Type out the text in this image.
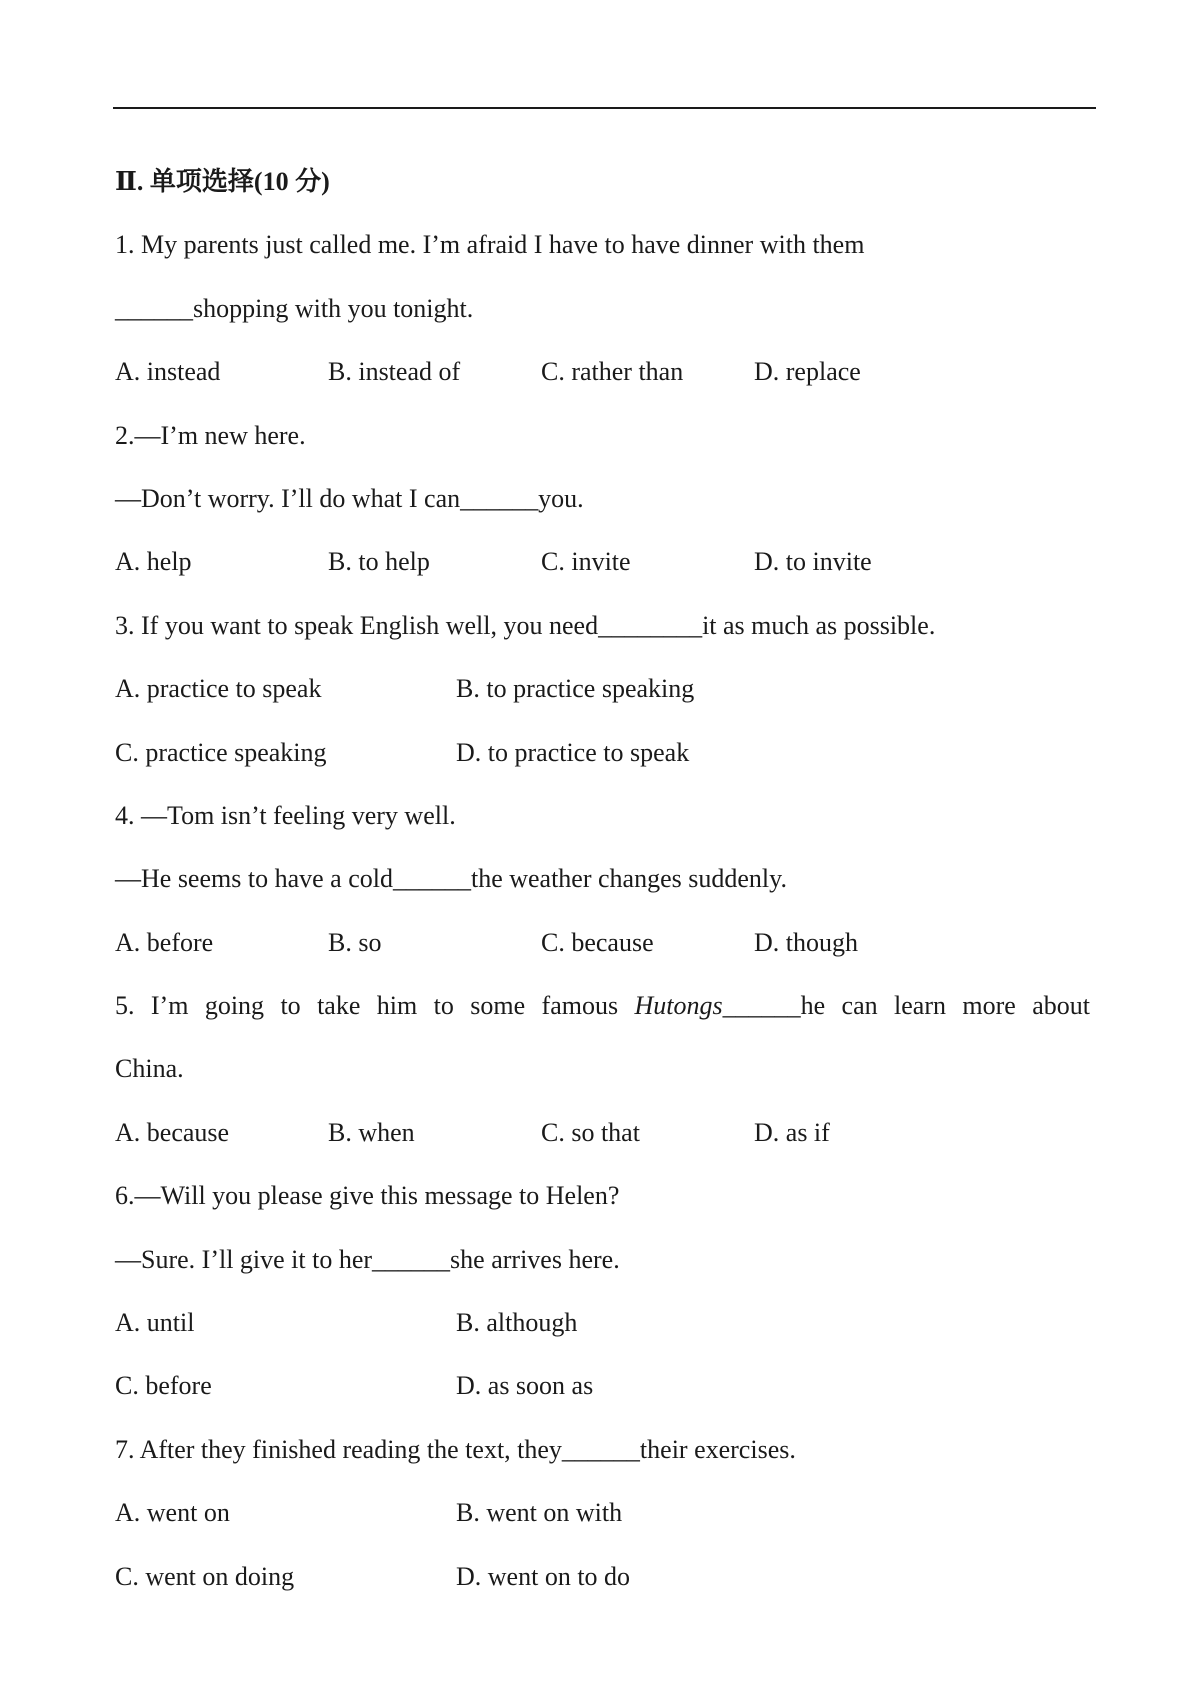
Ⅱ. 单项选择(10 分)
1. My parents just called me. I’m afraid I have to have dinner with them
______shopping with you tonight.
A. instead	B. instead of	C. rather than	D. replace
2.—I’m new here.
—Don’t worry. I’ll do what I can______you.
A. help	B. to help	C. invite	D. to invite
3. If you want to speak English well, you need________it as much as possible.
A. practice to speak	B. to practice speaking
C. practice speaking	D. to practice to speak
4. —Tom isn’t feeling very well.
—He seems to have a cold______the weather changes suddenly.
A. before	B. so	C. because	D. though
5. I’m going to take him to some famous Hutongs______he can learn more about
China.
A. because	B. when	C. so that	D. as if
6.—Will you please give this message to Helen?
—Sure. I’ll give it to her______she arrives here.
A. until	B. although
C. before	D. as soon as
7. After they finished reading the text, they______their exercises.
A. went on	B. went on with
C. went on doing	D. went on to do
